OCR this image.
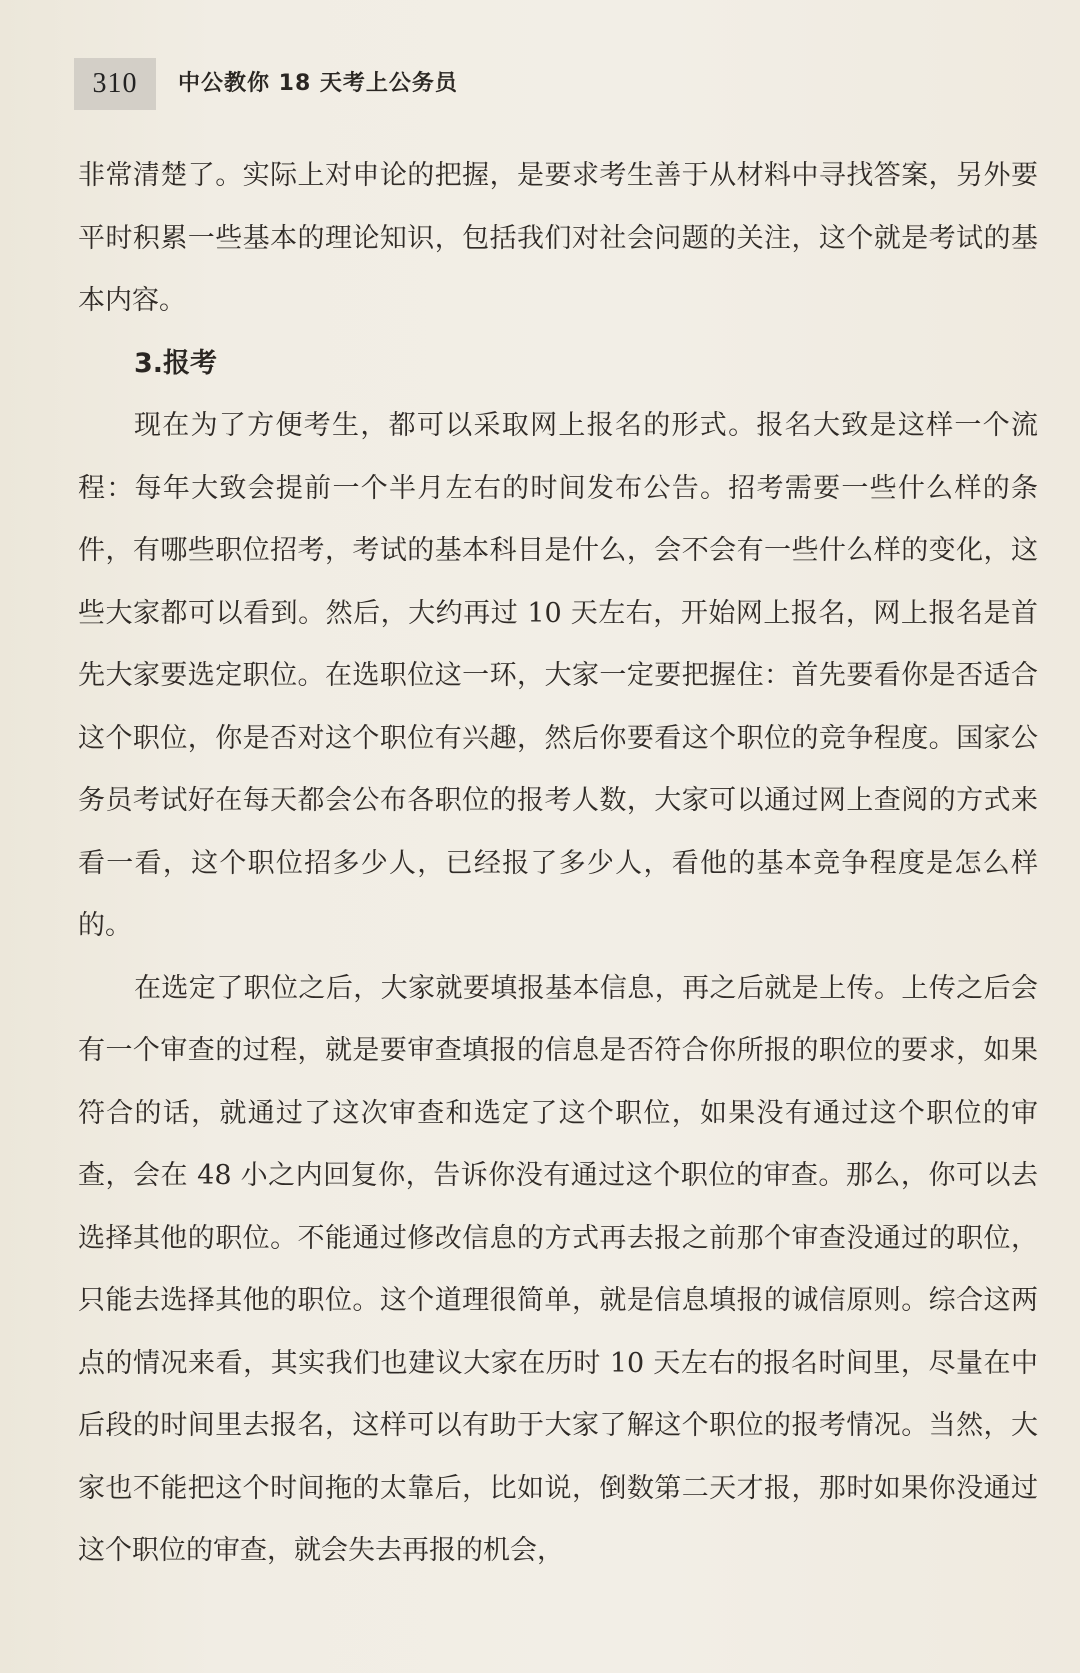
310	中公教你 18 天考上公务员

非常清楚了。实际上对申论的把握，是要求考生善于从材料中寻找答案，另外要平时积累一些基本的理论知识，包括我们对社会问题的关注，这个就是考试的基本内容。

3.报考

现在为了方便考生，都可以采取网上报名的形式。报名大致是这样一个流程：每年大致会提前一个半月左右的时间发布公告。招考需要一些什么样的条件，有哪些职位招考，考试的基本科目是什么，会不会有一些什么样的变化，这些大家都可以看到。然后，大约再过 10 天左右，开始网上报名，网上报名是首先大家要选定职位。在选职位这一环，大家一定要把握住：首先要看你是否适合这个职位，你是否对这个职位有兴趣，然后你要看这个职位的竞争程度。国家公务员考试好在每天都会公布各职位的报考人数，大家可以通过网上查阅的方式来看一看，这个职位招多少人，已经报了多少人，看他的基本竞争程度是怎么样的。

在选定了职位之后，大家就要填报基本信息，再之后就是上传。上传之后会有一个审查的过程，就是要审查填报的信息是否符合你所报的职位的要求，如果符合的话，就通过了这次审查和选定了这个职位，如果没有通过这个职位的审查，会在 48 小之内回复你，告诉你没有通过这个职位的审查。那么，你可以去选择其他的职位。不能通过修改信息的方式再去报之前那个审查没通过的职位，只能去选择其他的职位。这个道理很简单，就是信息填报的诚信原则。综合这两点的情况来看，其实我们也建议大家在历时 10 天左右的报名时间里，尽量在中后段的时间里去报名，这样可以有助于大家了解这个职位的报考情况。当然，大家也不能把这个时间拖的太靠后，比如说，倒数第二天才报，那时如果你没通过这个职位的审查，就会失去再报的机会，
